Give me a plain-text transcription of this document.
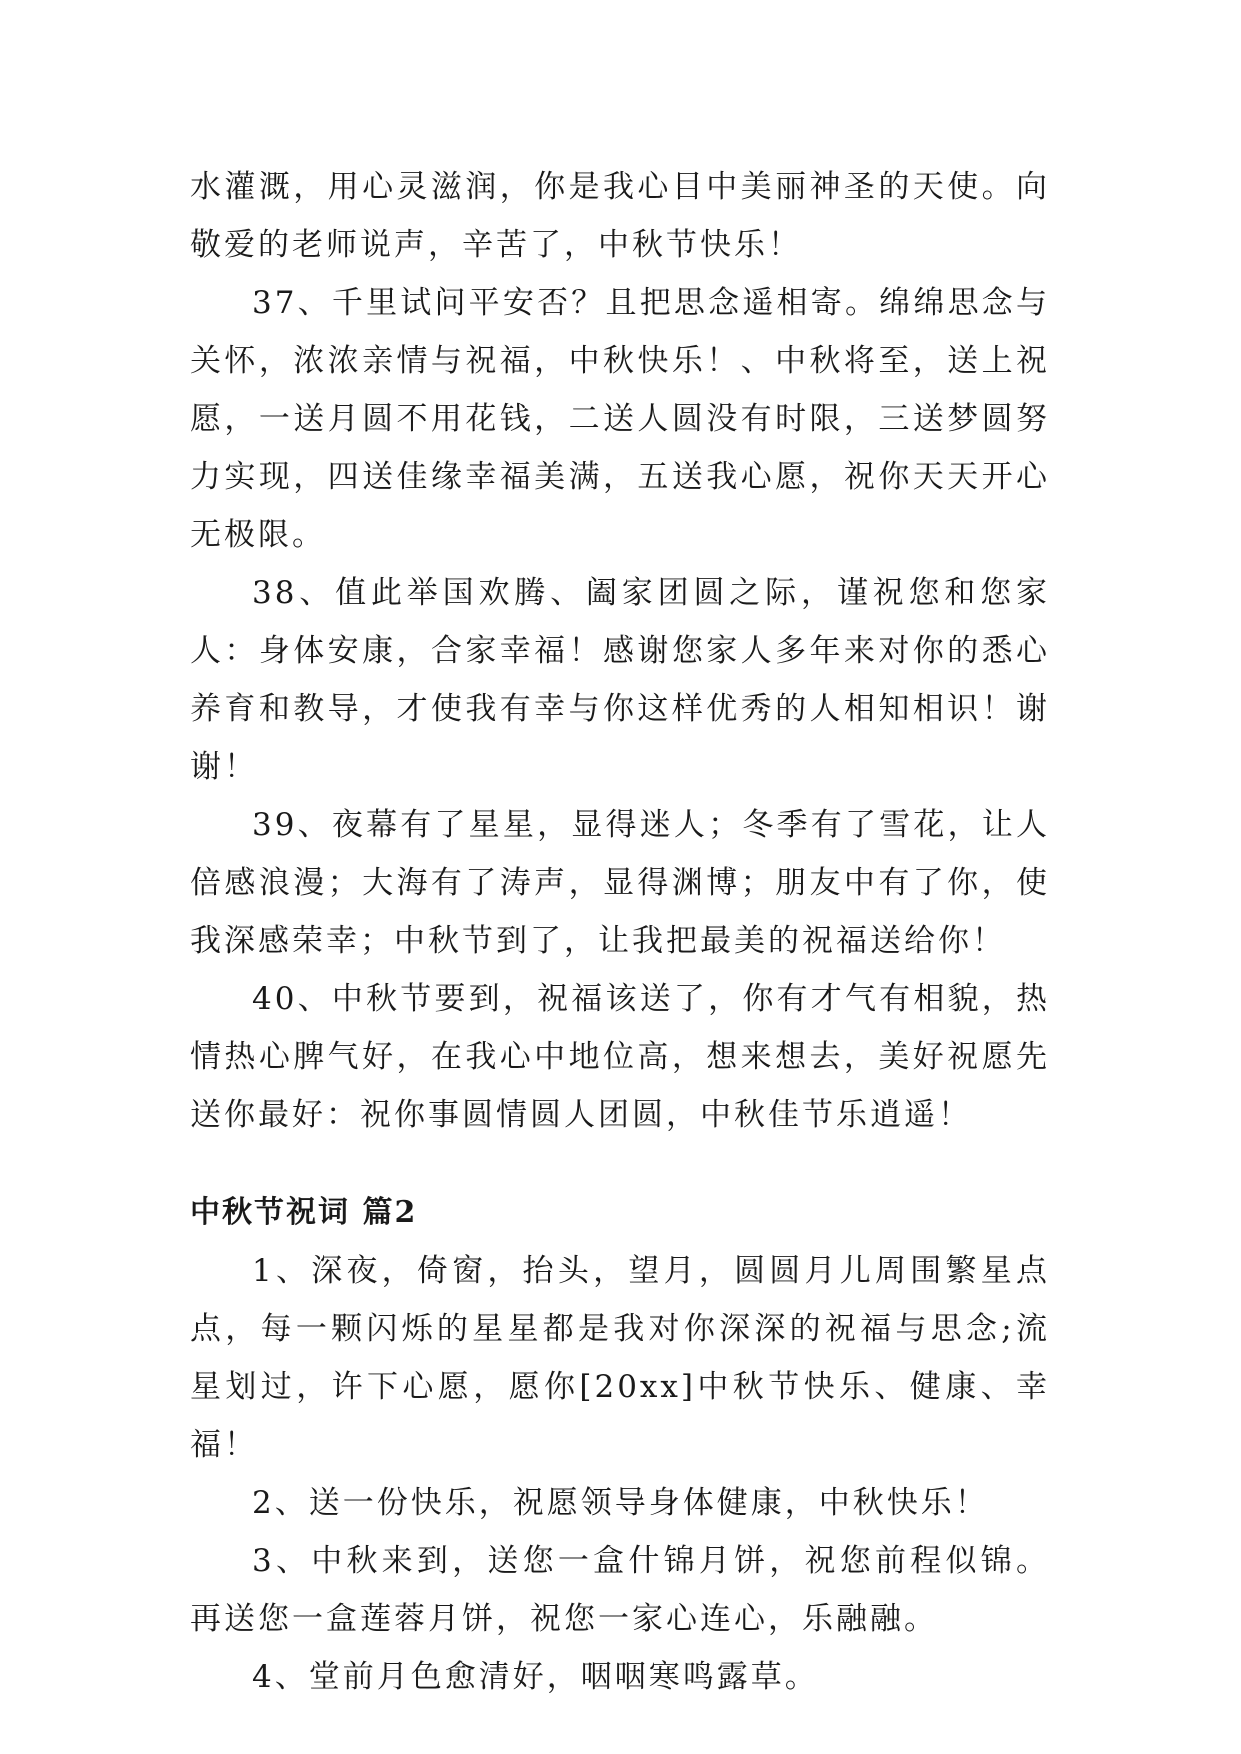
水灌溉，用心灵滋润，你是我心目中美丽神圣的天使。向敬爱的老师说声，辛苦了，中秋节快乐！

37、千里试问平安否？且把思念遥相寄。绵绵思念与关怀，浓浓亲情与祝福，中秋快乐！、中秋将至，送上祝愿，一送月圆不用花钱，二送人圆没有时限，三送梦圆努力实现，四送佳缘幸福美满，五送我心愿，祝你天天开心无极限。

38、值此举国欢腾、阖家团圆之际，谨祝您和您家人：身体安康，合家幸福！感谢您家人多年来对你的悉心养育和教导，才使我有幸与你这样优秀的人相知相识！谢谢！

39、夜幕有了星星，显得迷人；冬季有了雪花，让人倍感浪漫；大海有了涛声，显得渊博；朋友中有了你，使我深感荣幸；中秋节到了，让我把最美的祝福送给你！

40、中秋节要到，祝福该送了，你有才气有相貌，热情热心脾气好，在我心中地位高，想来想去，美好祝愿先送你最好：祝你事圆情圆人团圆，中秋佳节乐逍遥！

中秋节祝词 篇2

1、深夜，倚窗，抬头，望月，圆圆月儿周围繁星点点，每一颗闪烁的星星都是我对你深深的祝福与思念;流星划过，许下心愿，愿你[20xx]中秋节快乐、健康、幸福！

2、送一份快乐，祝愿领导身体健康，中秋快乐！

3、中秋来到，送您一盒什锦月饼，祝您前程似锦。再送您一盒莲蓉月饼，祝您一家心连心，乐融融。

4、堂前月色愈清好，咽咽寒鸣露草。
